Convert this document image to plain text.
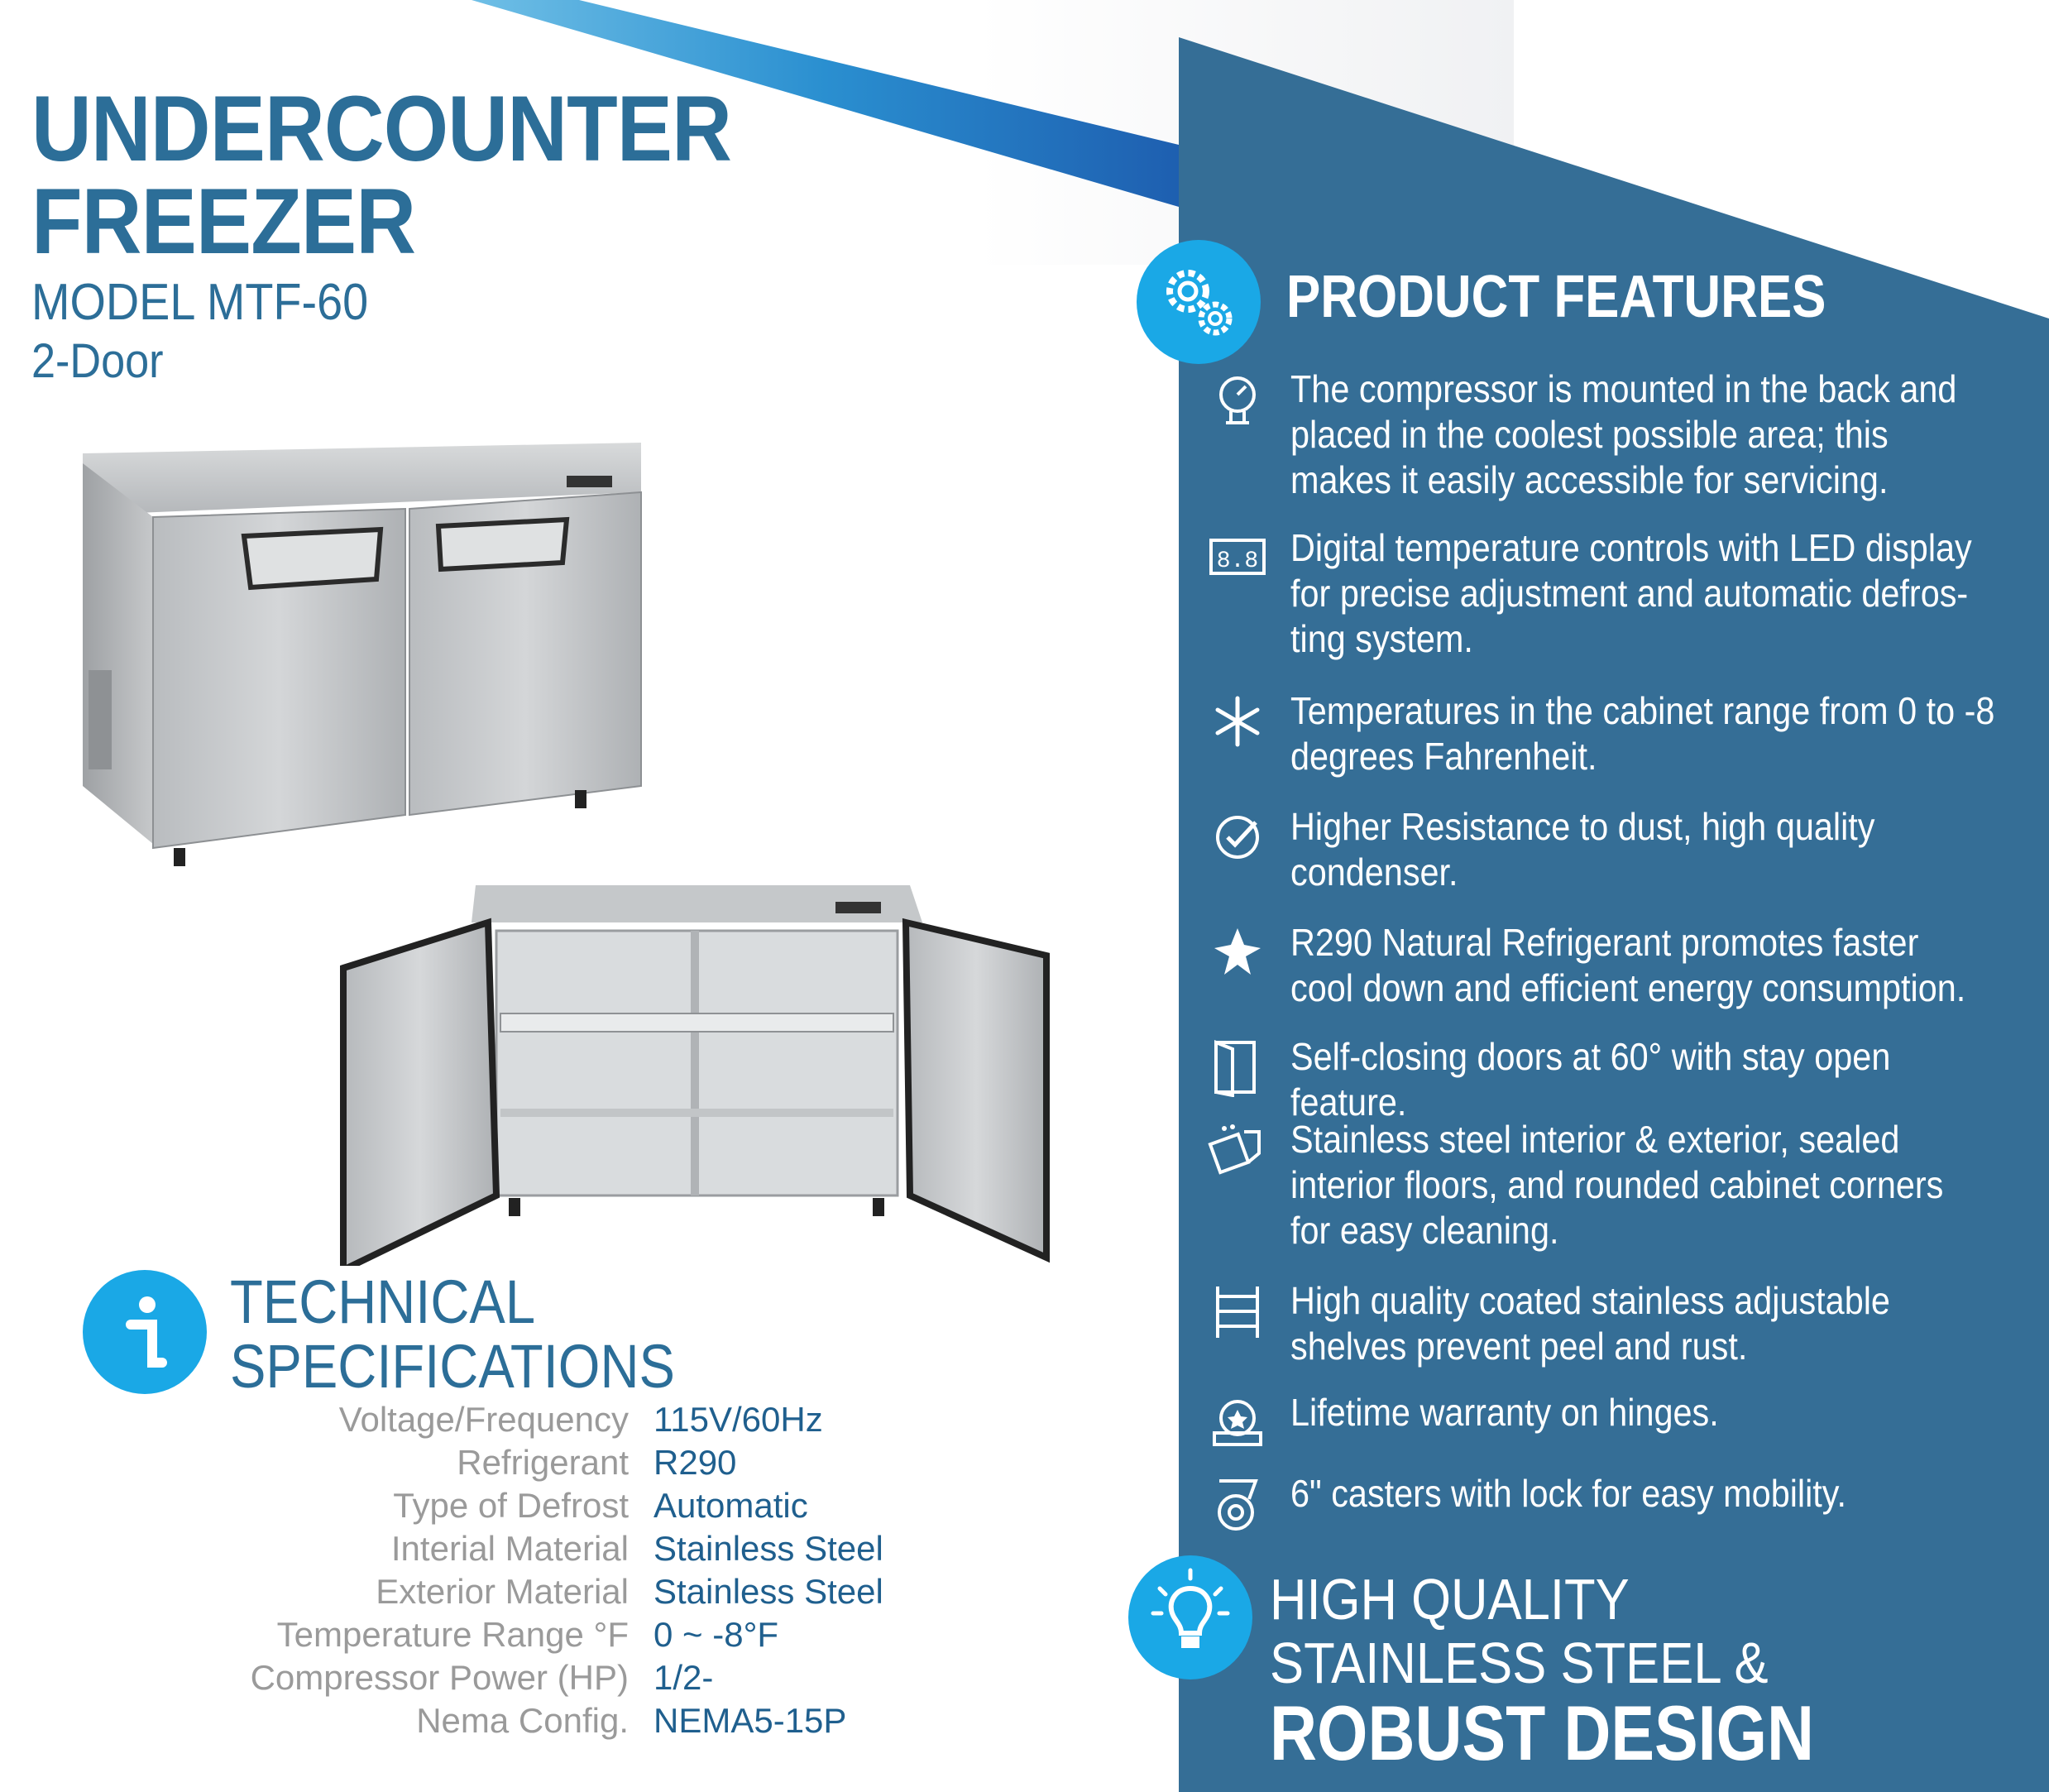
UNDERCOUNTER
FREEZER
MODEL MTF-60
2-Door
TECHNICAL
SPECIFICATIONS
Voltage/Frequency 115V/60Hz
Refrigerant R290
Type of Defrost Automatic
Interial Material Stainless Steel
Exterior Material Stainless Steel
Temperature Range °F 0 ~ -8°F
Compressor Power (HP) 1/2-
Nema Config. NEMA5-15P
PRODUCT FEATURES
The compressor is mounted in the back and
placed in the coolest possible area; this
makes it easily accessible for servicing.
8.8 Digital temperature controls with LED display
for precise adjustment and automatic defros-
ting system.
Temperatures in the cabinet range from 0 to -8
degrees Fahrenheit.
Higher Resistance to dust, high quality
condenser.
R290 Natural Refrigerant promotes faster
cool down and efficient energy consumption.
Self-closing doors at 60° with stay open feature.
Stainless steel interior & exterior, sealed
interior floors, and rounded cabinet corners
for easy cleaning.
High quality coated stainless adjustable
shelves prevent peel and rust.
Lifetime warranty on hinges.
6" casters with lock for easy mobility.
HIGH QUALITY
STAINLESS STEEL &
ROBUST DESIGN
